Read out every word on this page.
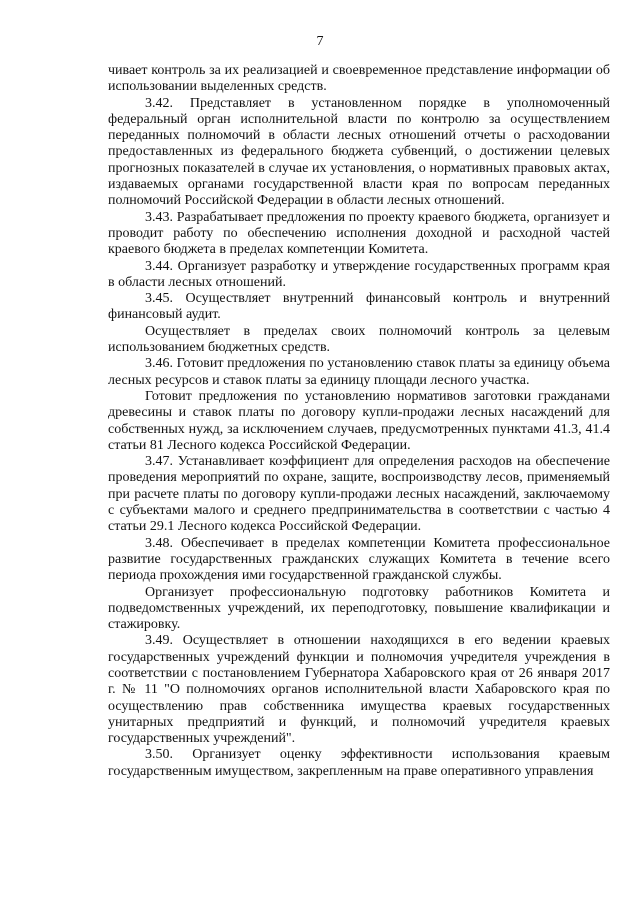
7

чивает контроль за их реализацией и своевременное представление информации об использовании выделенных средств.

3.42. Представляет в установленном порядке в уполномоченный федеральный орган исполнительной власти по контролю за осуществлением переданных полномочий в области лесных отношений отчеты о расходовании предоставленных из федерального бюджета субвенций, о достижении целевых прогнозных показателей в случае их установления, о нормативных правовых актах, издаваемых органами государственной власти края по вопросам переданных полномочий Российской Федерации в области лесных отношений.

3.43. Разрабатывает предложения по проекту краевого бюджета, организует и проводит работу по обеспечению исполнения доходной и расходной частей краевого бюджета в пределах компетенции Комитета.

3.44. Организует разработку и утверждение государственных программ края в области лесных отношений.

3.45. Осуществляет внутренний финансовый контроль и внутренний финансовый аудит.

Осуществляет в пределах своих полномочий контроль за целевым использованием бюджетных средств.

3.46. Готовит предложения по установлению ставок платы за единицу объема лесных ресурсов и ставок платы за единицу площади лесного участка.

Готовит предложения по установлению нормативов заготовки гражданами древесины и ставок платы по договору купли-продажи лесных насаждений для собственных нужд, за исключением случаев, предусмотренных пунктами 41.3, 41.4 статьи 81 Лесного кодекса Российской Федерации.

3.47. Устанавливает коэффициент для определения расходов на обеспечение проведения мероприятий по охране, защите, воспроизводству лесов, применяемый при расчете платы по договору купли-продажи лесных насаждений, заключаемому с субъектами малого и среднего предпринимательства в соответствии с частью 4 статьи 29.1 Лесного кодекса Российской Федерации.

3.48. Обеспечивает в пределах компетенции Комитета профессиональное развитие государственных гражданских служащих Комитета в течение всего периода прохождения ими государственной гражданской службы.

Организует профессиональную подготовку работников Комитета и подведомственных учреждений, их переподготовку, повышение квалификации и стажировку.

3.49. Осуществляет в отношении находящихся в его ведении краевых государственных учреждений функции и полномочия учредителя учреждения в соответствии с постановлением Губернатора Хабаровского края от 26 января 2017 г. № 11 "О полномочиях органов исполнительной власти Хабаровского края по осуществлению прав собственника имущества краевых государственных унитарных предприятий и функций, и полномочий учредителя краевых государственных учреждений".

3.50. Организует оценку эффективности использования краевым государственным имуществом, закрепленным на праве оперативного управления
